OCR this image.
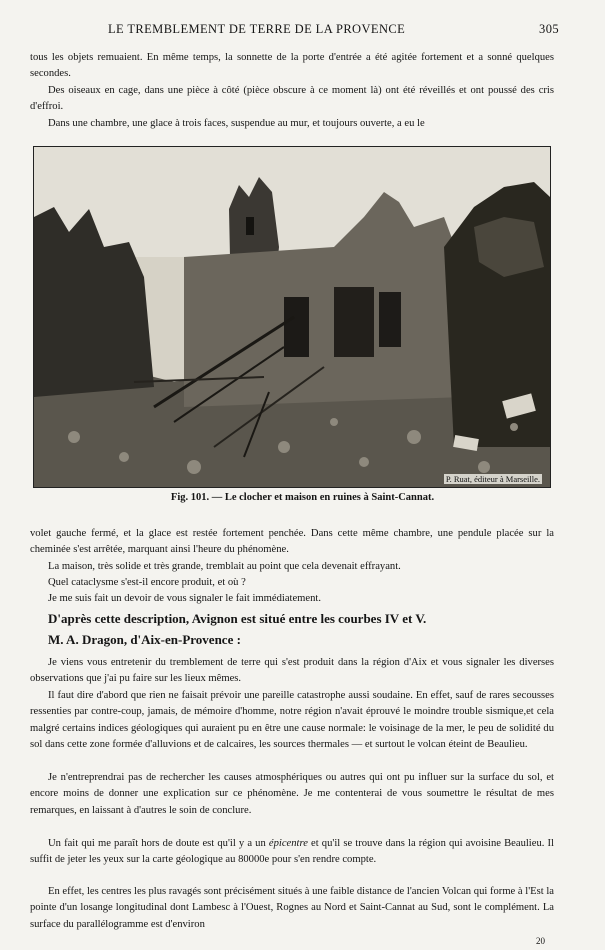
LE TREMBLEMENT DE TERRE DE LA PROVENCE	305

tous les objets remuaient. En même temps, la sonnette de la porte d'entrée a été agitée fortement et a sonné quelques secondes.

Des oiseaux en cage, dans une pièce à côté (pièce obscure à ce moment là) ont été réveillés et ont poussé des cris d'effroi.

Dans une chambre, une glace à trois faces, suspendue au mur, et toujours ouverte, a eu le

P. Ruat, éditeur à Marseille.
Fig. 101. — Le clocher et maison en ruines à Saint-Cannat.

volet gauche fermé, et la glace est restée fortement penchée. Dans cette même chambre, une pendule placée sur la cheminée s'est arrêtée, marquant ainsi l'heure du phénomène.

La maison, très solide et très grande, tremblait au point que cela devenait effrayant.

Quel cataclysme s'est-il encore produit, et où ?

Je me suis fait un devoir de vous signaler le fait immédiatement.

D'après cette description, Avignon est situé entre les courbes IV et V.

M. A. Dragon, d'Aix-en-Provence :

Je viens vous entretenir du tremblement de terre qui s'est produit dans la région d'Aix et vous signaler les diverses observations que j'ai pu faire sur les lieux mêmes.

Il faut dire d'abord que rien ne faisait prévoir une pareille catastrophe aussi soudaine. En effet, sauf de rares secousses ressenties par contre-coup, jamais, de mémoire d'homme, notre région n'avait éprouvé le moindre trouble sismique,et cela malgré certains indices géologiques qui auraient pu en être une cause normale: le voisinage de la mer, le peu de solidité du sol dans cette zone formée d'alluvions et de calcaires, les sources thermales — et surtout le volcan éteint de Beaulieu.

Je n'entreprendrai pas de rechercher les causes atmosphériques ou autres qui ont pu influer sur la surface du sol, et encore moins de donner une explication sur ce phénomène. Je me contenterai de vous soumettre le résultat de mes remarques, en laissant à d'autres le soin de conclure.

Un fait qui me paraît hors de doute est qu'il y a un épicentre et qu'il se trouve dans la région qui avoisine Beaulieu. Il suffit de jeter les yeux sur la carte géologique au 80000e pour s'en rendre compte.

En effet, les centres les plus ravagés sont précisément situés à une faible distance de l'ancien Volcan qui forme à l'Est la pointe d'un losange longitudinal dont Lambesc à l'Ouest, Rognes au Nord et Saint-Cannat au Sud, sont le complément. La surface du parallélogramme est d'environ

20
